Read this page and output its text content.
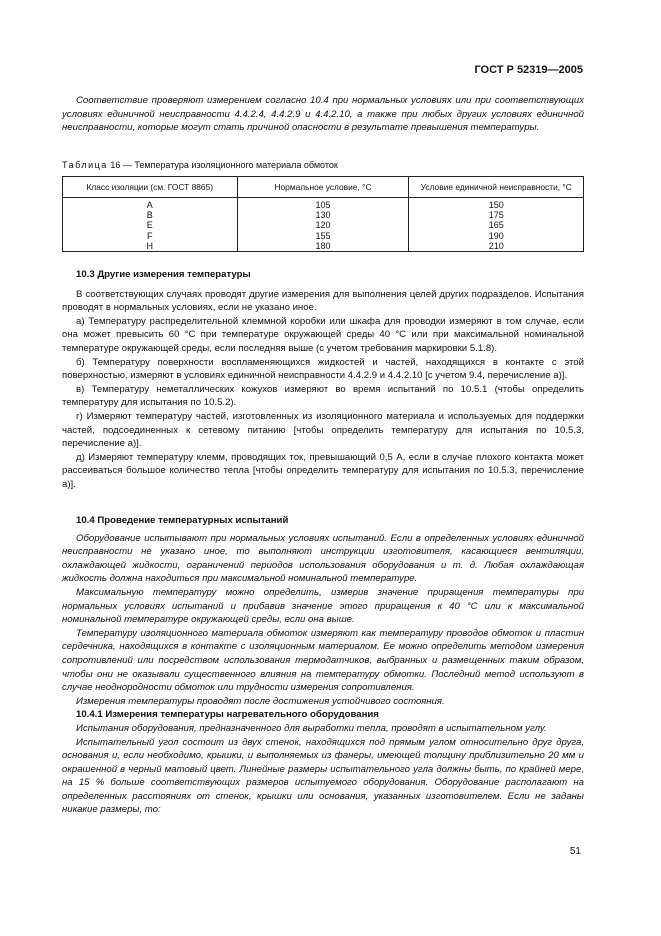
ГОСТ Р 52319—2005
Соответствие проверяют измерением согласно 10.4 при нормальных условиях или при соответствующих условиях единичной неисправности 4.4.2.4, 4.4.2.9 и 4.4.2.10, а также при любых других условиях единичной неисправности, которые могут стать причиной опасности в результате превышения температуры.
Таблица 16 — Температура изоляционного материала обмоток
Класс изоляции (см. ГОСТ 8865)	Нормальное условие, °С	Условие единичной неисправности, °С
A	105	150
B	130	175
E	120	165
F	155	190
H	180	210

10.3 Другие измерения температуры

В соответствующих случаях проводят другие измерения для выполнения целей других подразделов. Испытания проводят в нормальных условиях, если не указано иное.

а) Температуру распределительной клеммной коробки или шкафа для проводки измеряют в том случае, если она может превысить 60 °С при температуре окружающей среды 40 °С или при максимальной номинальной температуре окружающей среды, если последняя выше (с учетом требования маркировки 5.1.8).

б) Температуру поверхности воспламеняющихся жидкостей и частей, находящихся в контакте с этой поверхностью, измеряют в условиях единичной неисправности 4.4.2.9 и 4.4.2.10 [с учетом 9.4, перечисление а)].

в) Температуру неметаллических кожухов измеряют во время испытаний по 10.5.1 (чтобы определить температуру для испытания по 10.5.2).

г) Измеряют температуру частей, изготовленных из изоляционного материала и используемых для поддержки частей, подсоединенных к сетевому питанию [чтобы определить температуру для испытания по 10.5.3, перечисление а)].

д) Измеряют температуру клемм, проводящих ток, превышающий 0,5 А, если в случае плохого контакта может рассеиваться большое количество тепла [чтобы определить температуру для испытания по 10.5.3, перечисление а)].

10.4 Проведение температурных испытаний

Оборудование испытывают при нормальных условиях испытаний. Если в определенных условиях единичной неисправности не указано иное, то выполняют инструкции изготовителя, касающиеся вентиляции, охлаждающей жидкости, ограничений периодов использования оборудования и т. д. Любая охлаждающая жидкость должна находиться при максимальной номинальной температуре.

Максимальную температуру можно определить, измерив значение приращения температуры при нормальных условиях испытаний и прибавив значение этого приращения к 40 °С или к максимальной номинальной температуре окружающей среды, если она выше.

Температуру изоляционного материала обмоток измеряют как температуру проводов обмоток и пластин сердечника, находящихся в контакте с изоляционным материалом. Ее можно определить методом измерения сопротивлений или посредством использования термодатчиков, выбранных и размещенных таким образом, чтобы они не оказывали существенного влияния на температуру обмотки. Последний метод используют в случае неоднородности обмоток или трудности измерения сопротивления.

Измерения температуры проводят после достижения устойчивого состояния.

10.4.1 Измерения температуры нагревательного оборудования

Испытания оборудования, предназначенного для выработки тепла, проводят в испытательном углу.

Испытательный угол состоит из двух стенок, находящихся под прямым углом относительно друг друга, основания и, если необходимо, крышки, и выполняемых из фанеры, имеющей толщину приблизительно 20 мм и окрашенной в черный матовый цвет. Линейные размеры испытательного угла должны быть, по крайней мере, на 15 % больше соответствующих размеров испытуемого оборудования. Оборудование располагают на определенных расстояниях от стенок, крышки или основания, указанных изготовителем. Если не заданы никакие размеры, то:

51
